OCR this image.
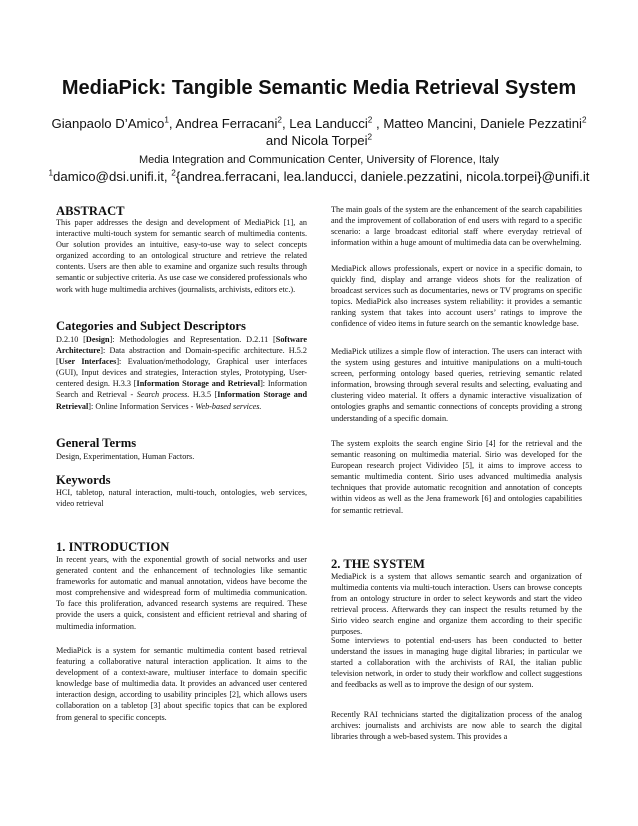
MediaPick: Tangible Semantic Media Retrieval System
Gianpaolo D’Amico$^1$, Andrea Ferracani$^2$, Lea Landucci$^2$ , Matteo Mancini, Daniele Pezzatini$^2$
and Nicola Torpei$^2$
Media Integration and Communication Center, University of Florence, Italy
$^1$damico@dsi.unifi.it, $^2${andrea.ferracani, lea.landucci, daniele.pezzatini, nicola.torpei}@unifi.it
ABSTRACT

This paper addresses the design and development of MediaPick [1], an interactive multi-touch system for semantic search of multimedia contents. Our solution provides an intuitive, easy-to-use way to select concepts organized according to an ontological structure and retrieve the related contents. Users are then able to examine and organize such results through semantic or subjective criteria. As use case we considered professionals who work with huge multimedia archives (journalists, archivists, editors etc.).

Categories and Subject Descriptors

D.2.10 [Design]: Methodologies and Representation. D.2.11 [Software Architecture]: Data abstraction and Domain-specific architecture. H.5.2 [User Interfaces]: Evaluation/methodology, Graphical user interfaces (GUI), Input devices and strategies, Interaction styles, Prototyping, User-centered design. H.3.3 [Information Storage and Retrieval]: Information Search and Retrieval - Search process. H.3.5 [Information Storage and Retrieval]: Online Information Services - Web-based services.

General Terms

Design, Experimentation, Human Factors.

Keywords

HCI, tabletop, natural interaction, multi-touch, ontologies, web services, video retrieval

1. INTRODUCTION

In recent years, with the exponential growth of social networks and user generated content and the enhancement of technologies like semantic frameworks for automatic and manual annotation, videos have become the most comprehensive and widespread form of multimedia communication. To face this proliferation, advanced research systems are required. These provide the users a quick, consistent and efficient retrieval and sharing of multimedia information.

MediaPick is a system for semantic multimedia content based retrieval featuring a collaborative natural interaction application. It aims to the development of a context-aware, multiuser interface to domain specific knowledge base of multimedia data. It provides an advanced user centered interaction design, according to usability principles [2], which allows users collaboration on a tabletop [3] about specific topics that can be explored from general to specific concepts.

The main goals of the system are the enhancement of the search capabilities and the improvement of collaboration of end users with regard to a specific scenario: a large broadcast editorial staff where everyday retrieval of information within a huge amount of multimedia data can be overwhelming.

MediaPick allows professionals, expert or novice in a specific domain, to quickly find, display and arrange videos shots for the realization of broadcast services such as documentaries, news or TV programs on specific topics. MediaPick also increases system reliability: it provides a semantic ranking system that takes into account users’ ratings to improve the confidence of video items in future search on the semantic knowledge base.

MediaPick utilizes a simple flow of interaction. The users can interact with the system using gestures and intuitive manipulations on a multi-touch screen, performing ontology based queries, retrieving semantic related information, browsing through several results and selecting, evaluating and clustering video material. It offers a dynamic interactive visualization of ontologies graphs and semantic connections of concepts providing a strong understanding of a specific domain.

The system exploits the search engine Sirio [4] for the retrieval and the semantic reasoning on multimedia material. Sirio was developed for the European research project Vidivideo [5], it aims to improve access to semantic multimedia content. Sirio uses advanced multimedia analysis techniques that provide automatic recognition and annotation of concepts within videos as well as the Jena framework [6] and ontologies capabilities for semantic retrieval.

2. THE SYSTEM

MediaPick is a system that allows semantic search and organization of multimedia contents via multi-touch interaction. Users can browse concepts from an ontology structure in order to select keywords and start the video retrieval process. Afterwards they can inspect the results returned by the Sirio video search engine and organize them according to their specific purposes.

Some interviews to potential end-users has been conducted to better understand the issues in managing huge digital libraries; in particular we started a collaboration with the archivists of RAI, the italian public television network, in order to study their workflow and collect suggestions and feedbacks as well as to improve the design of our system.

Recently RAI technicians started the digitalization process of the analog archives: journalists and archivists are now able to search the digital libraries through a web-based system. This provides a
